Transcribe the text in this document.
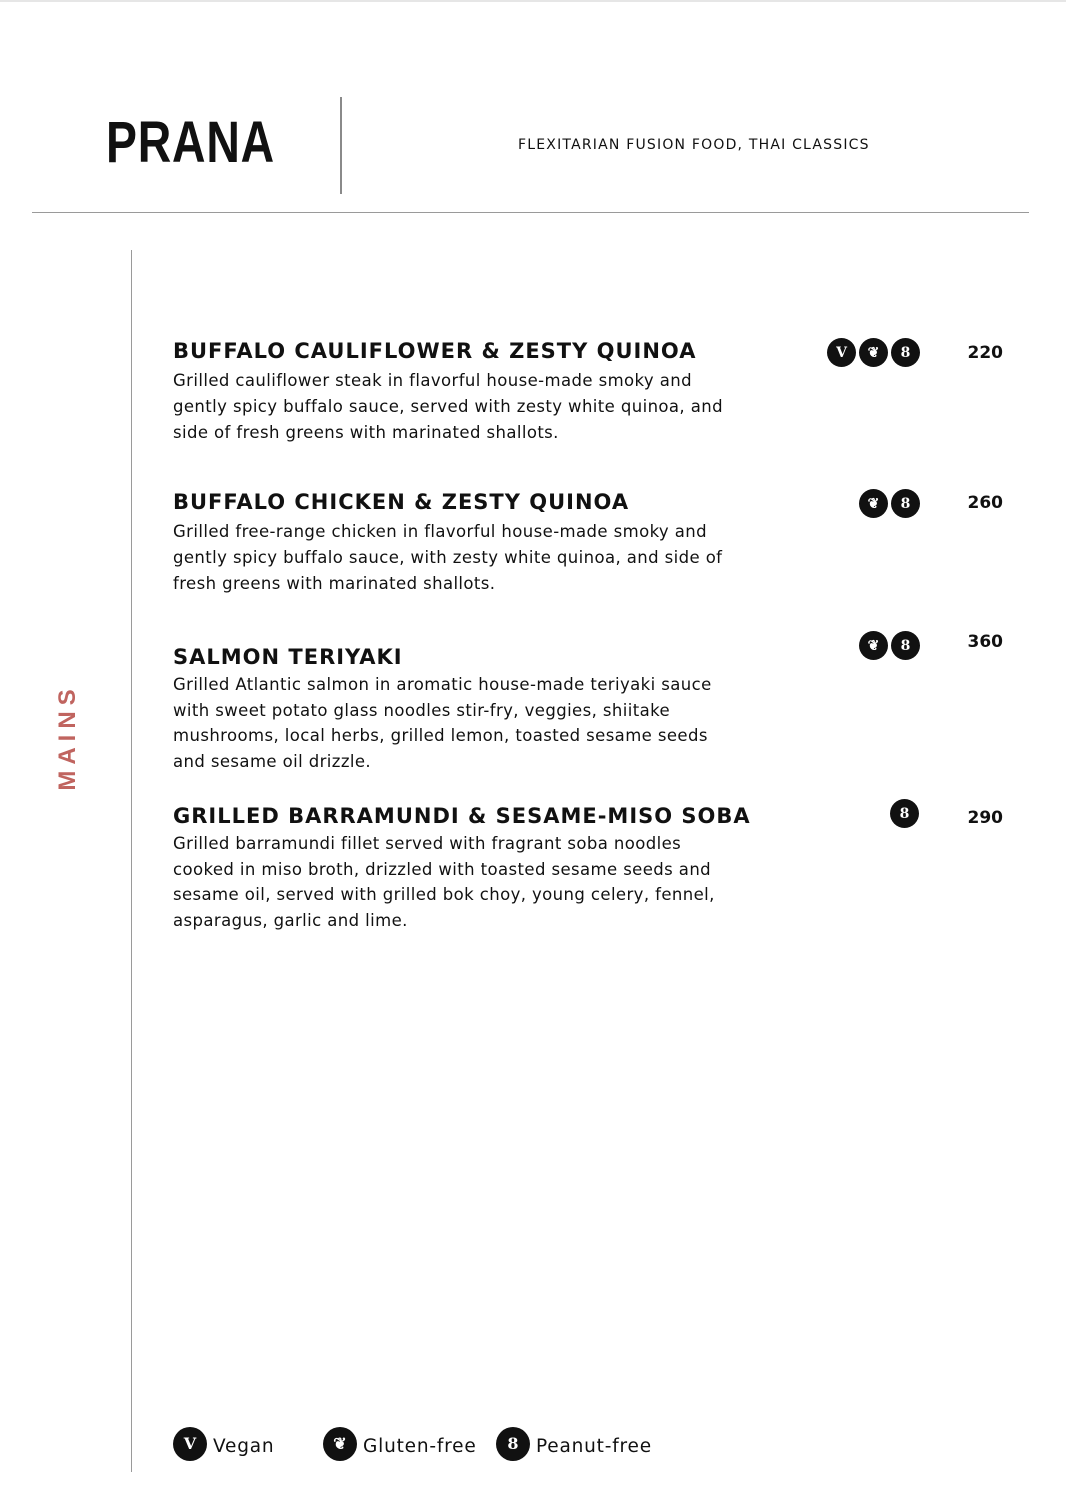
PRANA	FLEXITARIAN FUSION FOOD, THAI CLASSICS
MAINS
BUFFALO CAULIFLOWER & ZESTY QUINOA

Grilled cauliflower steak in flavorful house-made smoky and gently spicy buffalo sauce, served with zesty white quinoa, and side of fresh greens with marinated shallots.

V	❦	8	220
BUFFALO CHICKEN & ZESTY QUINOA

Grilled free-range chicken in flavorful house-made smoky and gently spicy buffalo sauce, with zesty white quinoa, and side of fresh greens with marinated shallots.

❦	8	260
SALMON TERIYAKI

Grilled Atlantic salmon in aromatic house-made teriyaki sauce with sweet potato glass noodles stir-fry, veggies, shiitake mushrooms, local herbs, grilled lemon, toasted sesame seeds and sesame oil drizzle.

❦	8	360
GRILLED BARRAMUNDI & SESAME-MISO SOBA

Grilled barramundi fillet served with fragrant soba noodles cooked in miso broth, drizzled with toasted sesame seeds and sesame oil, served with grilled bok choy, young celery, fennel, asparagus, garlic and lime.

8	290
V Vegan	❦ Gluten-free	8 Peanut-free
